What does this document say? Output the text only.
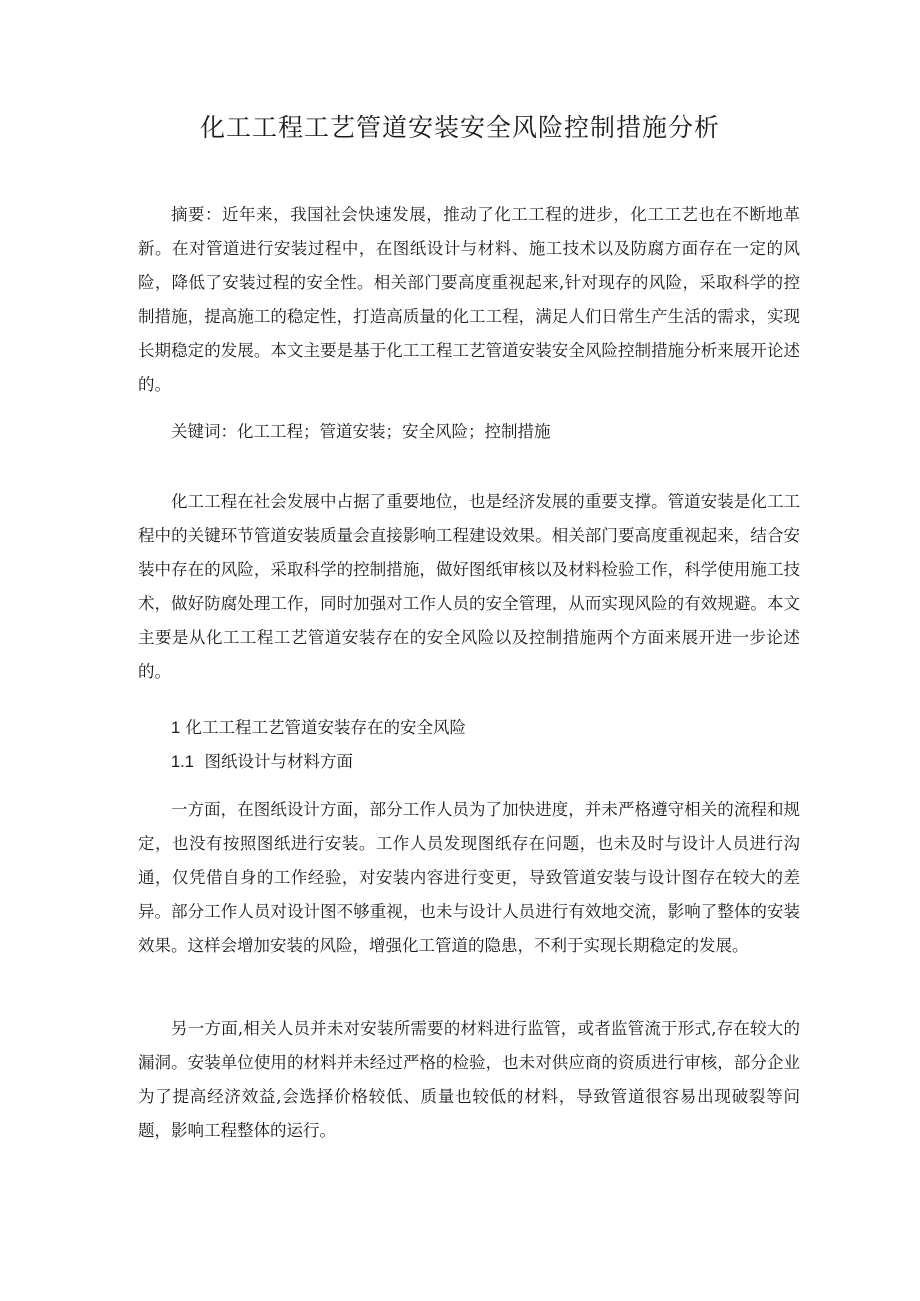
化工工程工艺管道安装安全风险控制措施分析

摘要：近年来，我国社会快速发展，推动了化工工程的进步，化工工艺也在不断地革新。在对管道进行安装过程中，在图纸设计与材料、施工技术以及防腐方面存在一定的风险，降低了安装过程的安全性。相关部门要高度重视起来,针对现存的风险，采取科学的控制措施，提高施工的稳定性，打造高质量的化工工程，满足人们日常生产生活的需求，实现长期稳定的发展。本文主要是基于化工工程工艺管道安装安全风险控制措施分析来展开论述的。

关键词：化工工程；管道安装；安全风险；控制措施

化工工程在社会发展中占据了重要地位，也是经济发展的重要支撑。管道安装是化工工程中的关键环节管道安装质量会直接影响工程建设效果。相关部门要高度重视起来，结合安装中存在的风险，采取科学的控制措施，做好图纸审核以及材料检验工作，科学使用施工技术，做好防腐处理工作，同时加强对工作人员的安全管理，从而实现风险的有效规避。本文主要是从化工工程工艺管道安装存在的安全风险以及控制措施两个方面来展开进一步论述的。

1 化工工程工艺管道安装存在的安全风险
1.1 图纸设计与材料方面

一方面，在图纸设计方面，部分工作人员为了加快进度，并未严格遵守相关的流程和规定，也没有按照图纸进行安装。工作人员发现图纸存在问题，也未及时与设计人员进行沟通，仅凭借自身的工作经验，对安装内容进行变更，导致管道安装与设计图存在较大的差异。部分工作人员对设计图不够重视，也未与设计人员进行有效地交流，影响了整体的安装效果。这样会增加安装的风险，增强化工管道的隐患，不利于实现长期稳定的发展。

另一方面,相关人员并未对安装所需要的材料进行监管，或者监管流于形式,存在较大的漏洞。安装单位使用的材料并未经过严格的检验，也未对供应商的资质进行审核，部分企业为了提高经济效益,会选择价格较低、质量也较低的材料，导致管道很容易出现破裂等问题，影响工程整体的运行。
